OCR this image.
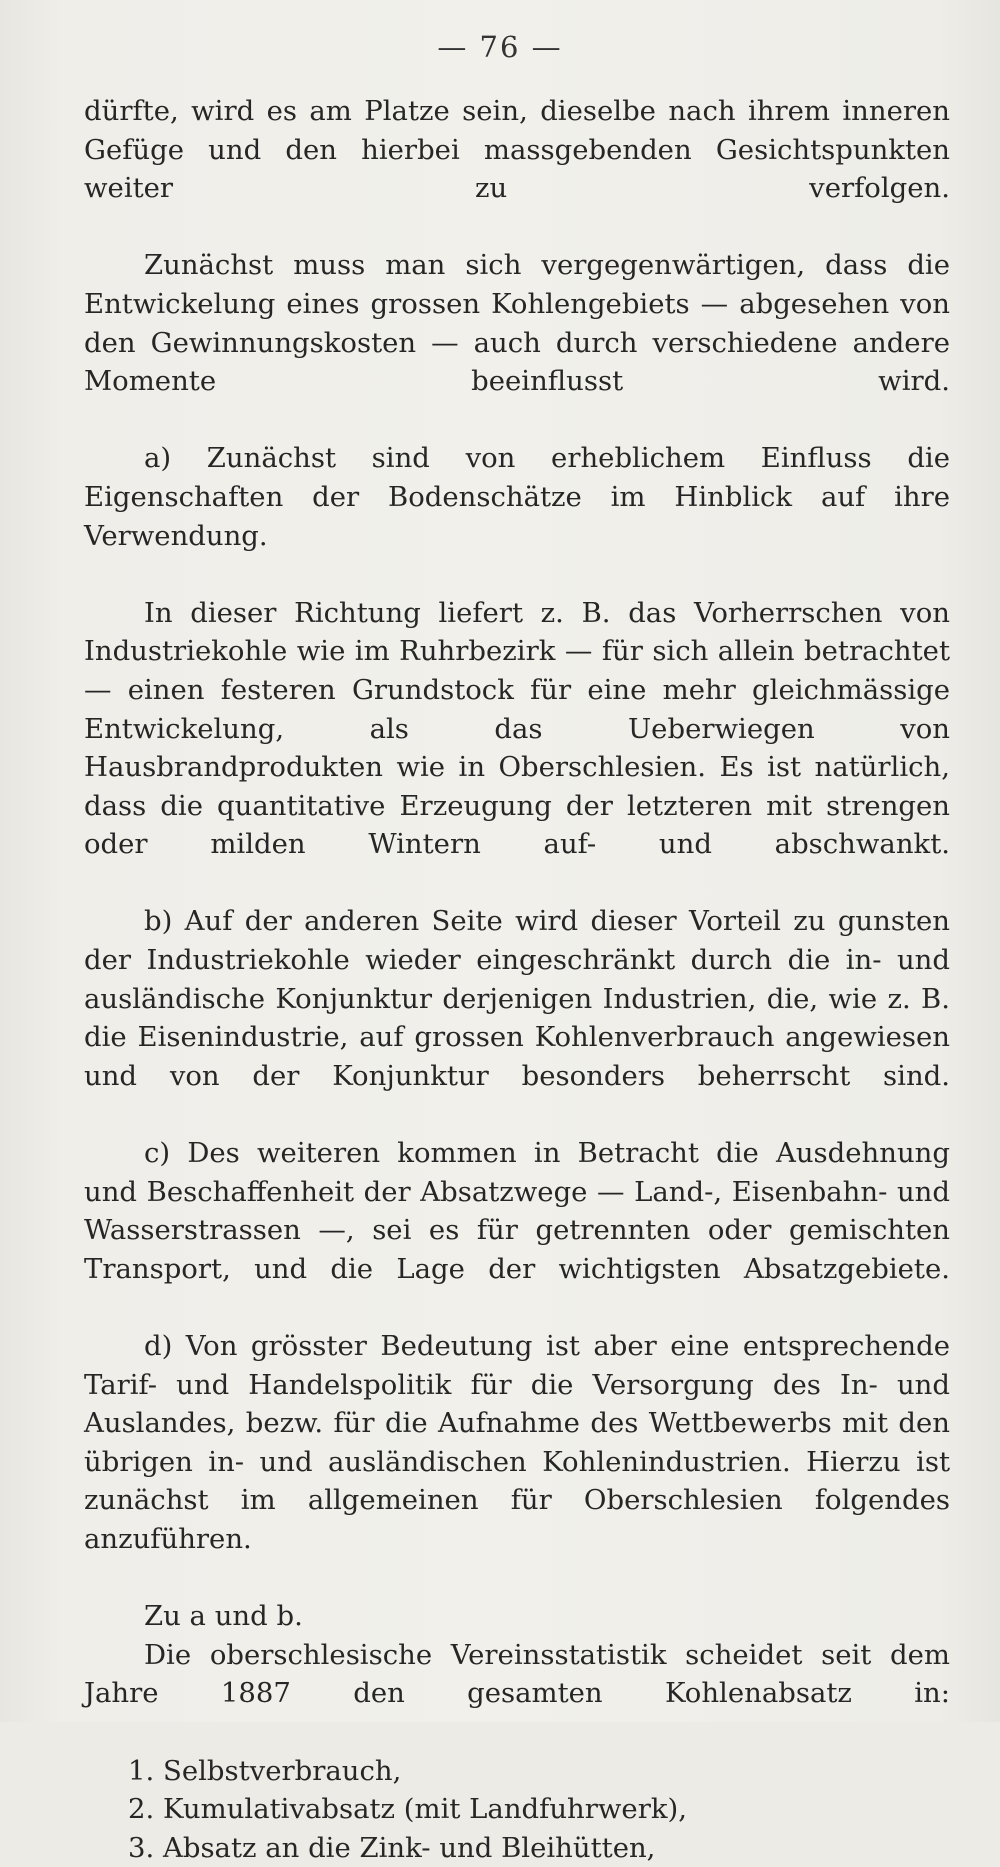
— 76 —

dürfte, wird es am Platze sein, dieselbe nach ihrem inneren Gefüge und den hierbei massgebenden Gesichtspunkten weiter zu verfolgen.

Zunächst muss man sich vergegenwärtigen, dass die Entwickelung eines grossen Kohlengebiets — abgesehen von den Gewinnungskosten — auch durch verschiedene andere Momente beeinflusst wird.

a) Zunächst sind von erheblichem Einfluss die Eigenschaften der Bodenschätze im Hinblick auf ihre Verwendung.

In dieser Richtung liefert z. B. das Vorherrschen von Industriekohle wie im Ruhrbezirk — für sich allein betrachtet — einen festeren Grundstock für eine mehr gleichmässige Entwickelung, als das Ueberwiegen von Hausbrandprodukten wie in Oberschlesien. Es ist natürlich, dass die quantitative Erzeugung der letzteren mit strengen oder milden Wintern auf- und abschwankt.

b) Auf der anderen Seite wird dieser Vorteil zu gunsten der Industriekohle wieder eingeschränkt durch die in- und ausländische Konjunktur derjenigen Industrien, die, wie z. B. die Eisenindustrie, auf grossen Kohlenverbrauch angewiesen und von der Konjunktur besonders beherrscht sind.

c) Des weiteren kommen in Betracht die Ausdehnung und Beschaffenheit der Absatzwege — Land-, Eisenbahn- und Wasserstrassen —, sei es für getrennten oder gemischten Transport, und die Lage der wichtigsten Absatzgebiete.

d) Von grösster Bedeutung ist aber eine entsprechende Tarif- und Handelspolitik für die Versorgung des In- und Auslandes, bezw. für die Aufnahme des Wettbewerbs mit den übrigen in- und ausländischen Kohlenindustrien. Hierzu ist zunächst im allgemeinen für Oberschlesien folgendes anzuführen.

Zu a und b.

Die oberschlesische Vereinsstatistik scheidet seit dem Jahre 1887 den gesamten Kohlenabsatz in:

1. Selbstverbrauch,
2. Kumulativabsatz (mit Landfuhrwerk),
3. Absatz an die Zink- und Bleihütten,
